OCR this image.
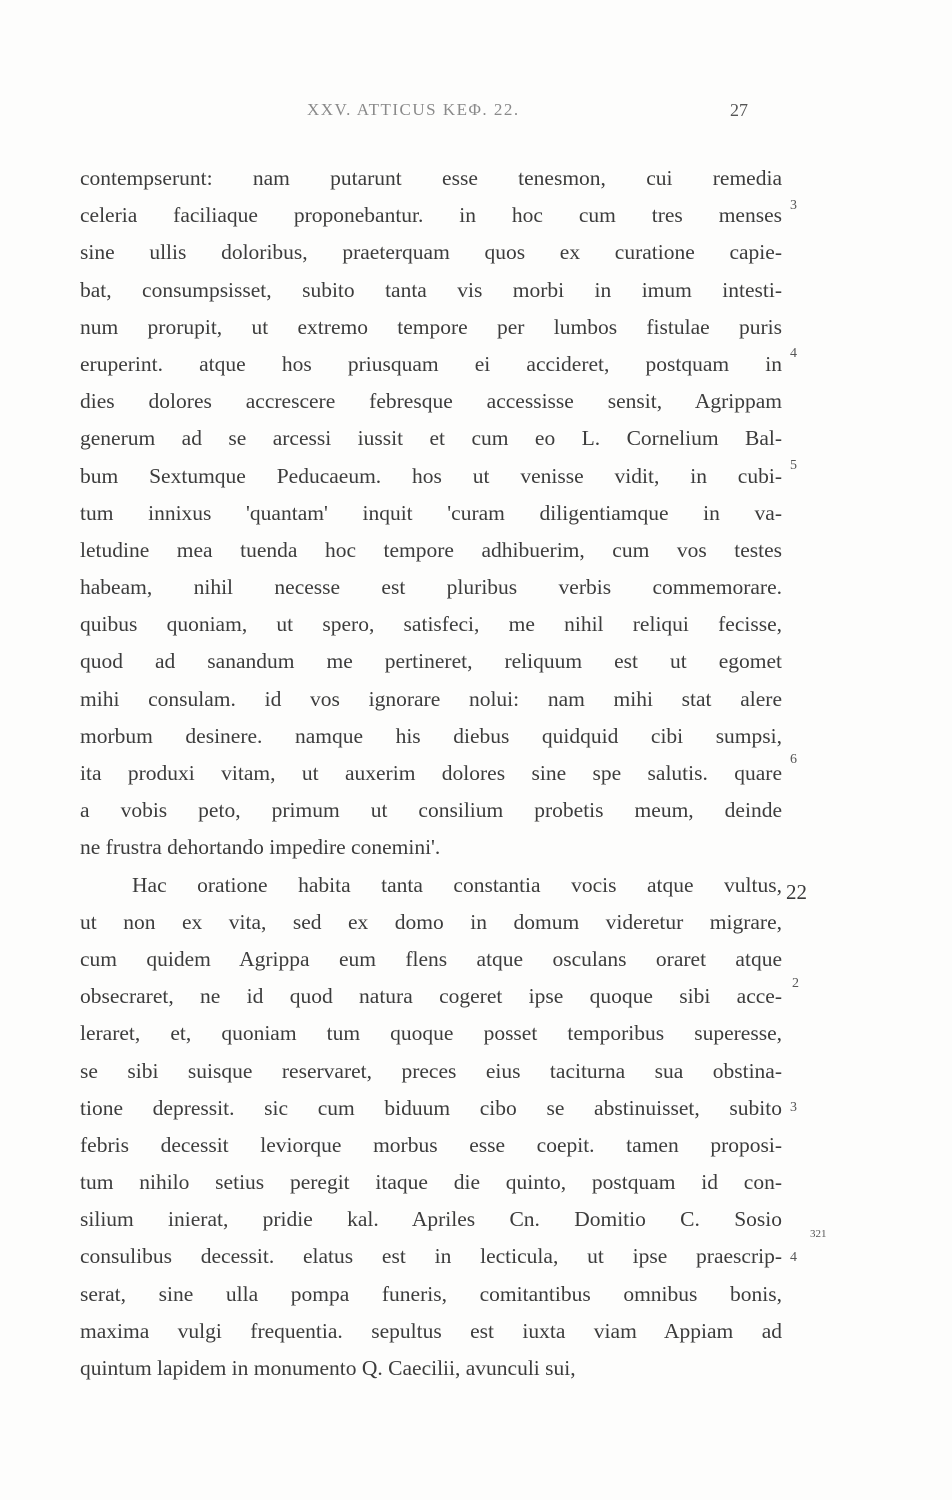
XXV. ATTICUS ΚΕΦ. 22.	27
contempserunt: nam putarunt esse tenesmon, cui remedia
celeria faciliaque proponebantur. in hoc cum tres menses
sine ullis doloribus, praeterquam quos ex curatione capie-
bat, consumpsisset, subito tanta vis morbi in imum intesti-
num prorupit, ut extremo tempore per lumbos fistulae puris
eruperint. atque hos priusquam ei accideret, postquam in
dies dolores accrescere febresque accessisse sensit, Agrippam
generum ad se arcessi iussit et cum eo L. Cornelium Bal-
bum Sextumque Peducaeum. hos ut venisse vidit, in cubi-
tum innixus 'quantam' inquit 'curam diligentiamque in va-
letudine mea tuenda hoc tempore adhibuerim, cum vos testes
habeam, nihil necesse est pluribus verbis commemorare.
quibus quoniam, ut spero, satisfeci, me nihil reliqui fecisse,
quod ad sanandum me pertineret, reliquum est ut egomet
mihi consulam. id vos ignorare nolui: nam mihi stat alere
morbum desinere. namque his diebus quidquid cibi sumpsi,
ita produxi vitam, ut auxerim dolores sine spe salutis. quare
a vobis peto, primum ut consilium probetis meum, deinde
ne frustra dehortando impedire conemini'.
Hac oratione habita tanta constantia vocis atque vultus,
ut non ex vita, sed ex domo in domum videretur migrare,
cum quidem Agrippa eum flens atque osculans oraret atque
obsecraret, ne id quod natura cogeret ipse quoque sibi acce-
leraret, et, quoniam tum quoque posset temporibus superesse,
se sibi suisque reservaret, preces eius taciturna sua obstina-
tione depressit. sic cum biduum cibo se abstinuisset, subito
febris decessit leviorque morbus esse coepit. tamen proposi-
tum nihilo setius peregit itaque die quinto, postquam id con-
silium inierat, pridie kal. Apriles Cn. Domitio C. Sosio
consulibus decessit. elatus est in lecticula, ut ipse praescrip-
serat, sine ulla pompa funeris, comitantibus omnibus bonis,
maxima vulgi frequentia. sepultus est iuxta viam Appiam ad
quintum lapidem in monumento Q. Caecilii, avunculi sui,
3
4
5
6
22
2
3
321
4
